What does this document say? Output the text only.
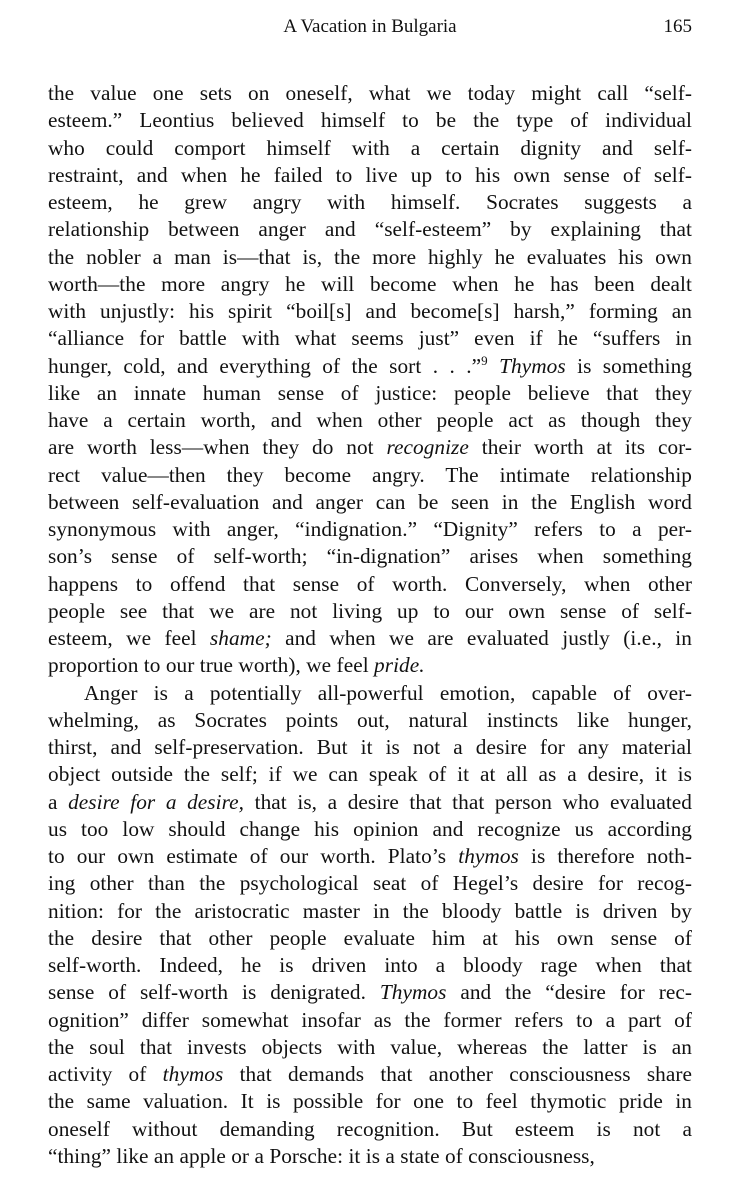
A Vacation in Bulgaria	165

the value one sets on oneself, what we today might call “self-
esteem.” Leontius believed himself to be the type of individual
who could comport himself with a certain dignity and self-
restraint, and when he failed to live up to his own sense of self-
esteem, he grew angry with himself. Socrates suggests a
relationship between anger and “self-esteem” by explaining that
the nobler a man is—that is, the more highly he evaluates his own
worth—the more angry he will become when he has been dealt
with unjustly: his spirit “boil[s] and become[s] harsh,” forming an
“alliance for battle with what seems just” even if he “suffers in
hunger, cold, and everything of the sort . . .”$^9$ Thymos is something
like an innate human sense of justice: people believe that they
have a certain worth, and when other people act as though they
are worth less—when they do not recognize their worth at its cor-
rect value—then they become angry. The intimate relationship
between self-evaluation and anger can be seen in the English word
synonymous with anger, “indignation.” “Dignity” refers to a per-
son’s sense of self-worth; “in-dignation” arises when something
happens to offend that sense of worth. Conversely, when other
people see that we are not living up to our own sense of self-
esteem, we feel shame; and when we are evaluated justly (i.e., in
proportion to our true worth), we feel pride.

Anger is a potentially all-powerful emotion, capable of over-
whelming, as Socrates points out, natural instincts like hunger,
thirst, and self-preservation. But it is not a desire for any material
object outside the self; if we can speak of it at all as a desire, it is
a desire for a desire, that is, a desire that that person who evaluated
us too low should change his opinion and recognize us according
to our own estimate of our worth. Plato’s thymos is therefore noth-
ing other than the psychological seat of Hegel’s desire for recog-
nition: for the aristocratic master in the bloody battle is driven by
the desire that other people evaluate him at his own sense of
self-worth. Indeed, he is driven into a bloody rage when that
sense of self-worth is denigrated. Thymos and the “desire for rec-
ognition” differ somewhat insofar as the former refers to a part of
the soul that invests objects with value, whereas the latter is an
activity of thymos that demands that another consciousness share
the same valuation. It is possible for one to feel thymotic pride in
oneself without demanding recognition. But esteem is not a
“thing” like an apple or a Porsche: it is a state of consciousness,
